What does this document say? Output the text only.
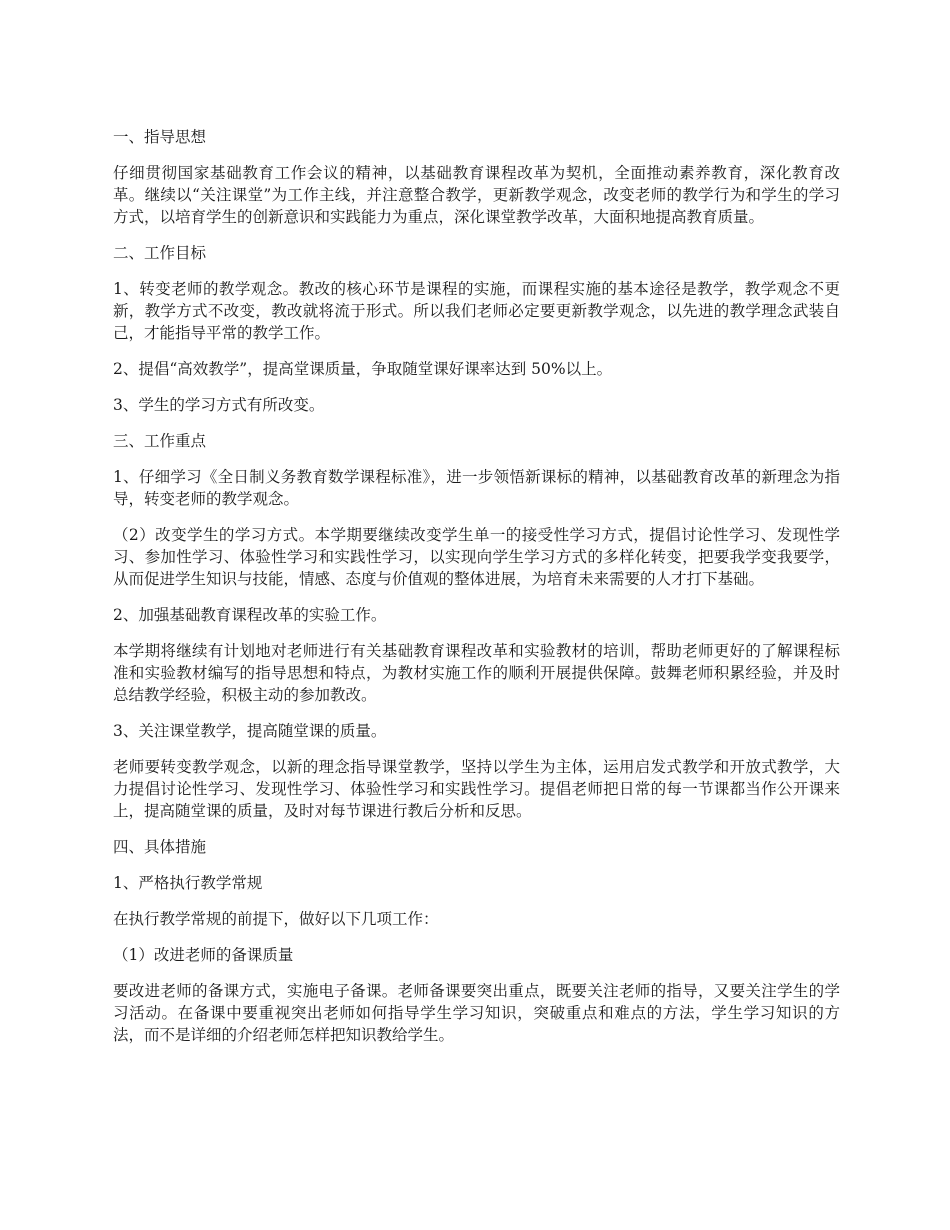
一、指导思想
仔细贯彻国家基础教育工作会议的精神，以基础教育课程改革为契机，全面推动素养教育，深化教育改革。继续以“关注课堂”为工作主线，并注意整合教学，更新教学观念，改变老师的教学行为和学生的学习方式，以培育学生的创新意识和实践能力为重点，深化课堂教学改革，大面积地提高教育质量。
二、工作目标
1、转变老师的教学观念。教改的核心环节是课程的实施，而课程实施的基本途径是教学，教学观念不更新，教学方式不改变，教改就将流于形式。所以我们老师必定要更新教学观念，以先进的教学理念武装自己，才能指导平常的教学工作。
2、提倡“高效教学”，提高堂课质量，争取随堂课好课率达到 50%以上。
3、学生的学习方式有所改变。
三、工作重点
1、仔细学习《全日制义务教育数学课程标准》，进一步领悟新课标的精神，以基础教育改革的新理念为指导，转变老师的教学观念。
（2）改变学生的学习方式。本学期要继续改变学生单一的接受性学习方式，提倡讨论性学习、发现性学习、参加性学习、体验性学习和实践性学习，以实现向学生学习方式的多样化转变，把要我学变我要学，从而促进学生知识与技能，情感、态度与价值观的整体进展，为培育未来需要的人才打下基础。
2、加强基础教育课程改革的实验工作。
本学期将继续有计划地对老师进行有关基础教育课程改革和实验教材的培训，帮助老师更好的了解课程标准和实验教材编写的指导思想和特点，为教材实施工作的顺利开展提供保障。鼓舞老师积累经验，并及时总结教学经验，积极主动的参加教改。
3、关注课堂教学，提高随堂课的质量。
老师要转变教学观念，以新的理念指导课堂教学，坚持以学生为主体，运用启发式教学和开放式教学，大力提倡讨论性学习、发现性学习、体验性学习和实践性学习。提倡老师把日常的每一节课都当作公开课来上，提高随堂课的质量，及时对每节课进行教后分析和反思。
四、具体措施
1、严格执行教学常规
在执行教学常规的前提下，做好以下几项工作：
（1）改进老师的备课质量
要改进老师的备课方式，实施电子备课。老师备课要突出重点，既要关注老师的指导，又要关注学生的学习活动。在备课中要重视突出老师如何指导学生学习知识，突破重点和难点的方法，学生学习知识的方法，而不是详细的介绍老师怎样把知识教给学生。
